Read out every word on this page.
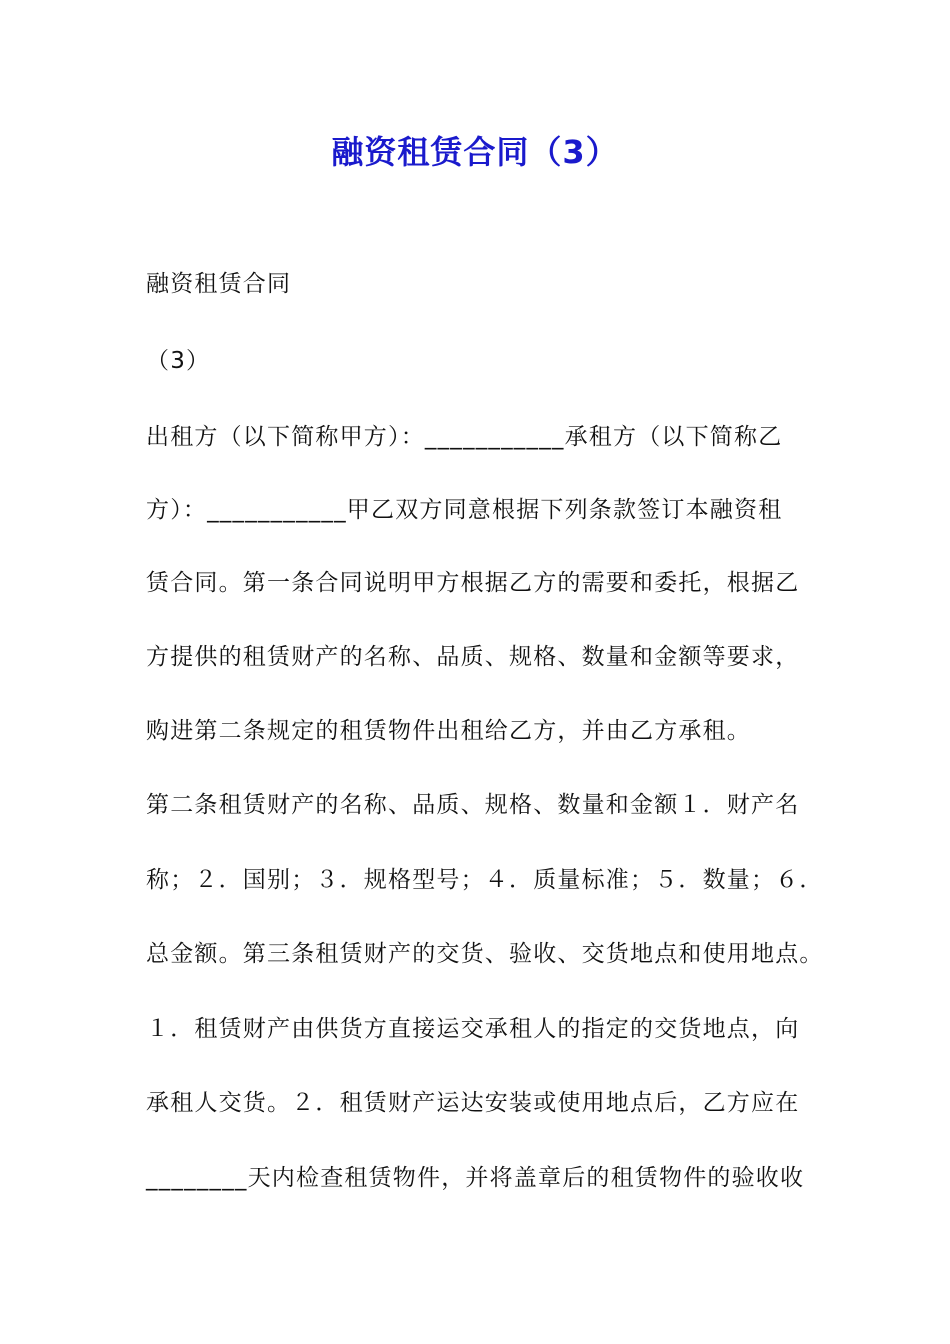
融资租赁合同（3）
融资租赁合同
（3）
出租方（以下简称甲方）：___________承租方（以下简称乙
方）：___________甲乙双方同意根据下列条款签订本融资租
赁合同。第一条合同说明甲方根据乙方的需要和委托，根据乙
方提供的租赁财产的名称、品质、规格、数量和金额等要求，
购进第二条规定的租赁物件出租给乙方，并由乙方承租。
第二条租赁财产的名称、品质、规格、数量和金额１．财产名
称；２．国别；３．规格型号；４．质量标准；５．数量；６．
总金额。第三条租赁财产的交货、验收、交货地点和使用地点。
１．租赁财产由供货方直接运交承租人的指定的交货地点，向
承租人交货。２．租赁财产运达安装或使用地点后，乙方应在
________天内检查租赁物件，并将盖章后的租赁物件的验收收
